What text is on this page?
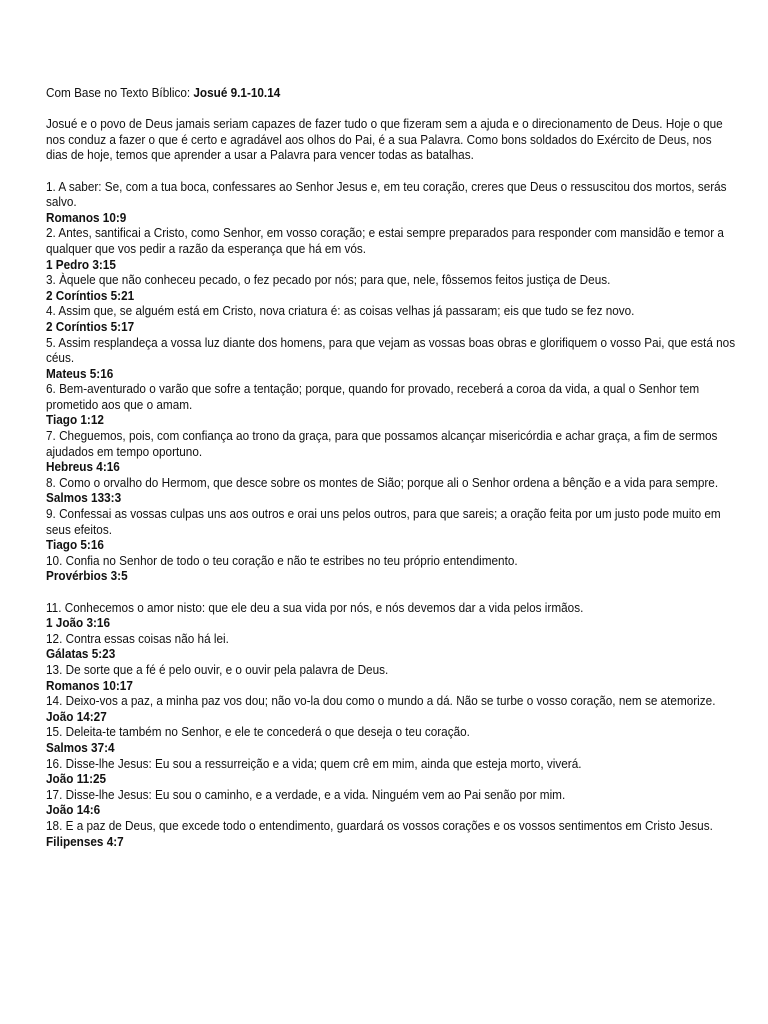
Com Base no Texto Bíblico: Josué 9.1-10.14

Josué e o povo de Deus jamais seriam capazes de fazer tudo o que fizeram sem a ajuda e o direcionamento de Deus. Hoje o que nos conduz a fazer o que é certo e agradável aos olhos do Pai, é a sua Palavra. Como bons soldados do Exército de Deus, nos dias de hoje, temos que aprender a usar a Palavra para vencer todas as batalhas.

1. A saber: Se, com a tua boca, confessares ao Senhor Jesus e, em teu coração, creres que Deus o ressuscitou dos mortos, serás salvo.

Romanos 10:9

2. Antes, santificai a Cristo, como Senhor, em vosso coração; e estai sempre preparados para responder com mansidão e temor a qualquer que vos pedir a razão da esperança que há em vós.

1 Pedro 3:15

3. Àquele que não conheceu pecado, o fez pecado por nós; para que, nele, fôssemos feitos justiça de Deus.

2 Coríntios 5:21

4. Assim que, se alguém está em Cristo, nova criatura é: as coisas velhas já passaram; eis que tudo se fez novo.

2 Coríntios 5:17

5. Assim resplandeça a vossa luz diante dos homens, para que vejam as vossas boas obras e glorifiquem o vosso Pai, que está nos céus.

Mateus 5:16

6. Bem-aventurado o varão que sofre a tentação; porque, quando for provado, receberá a coroa da vida, a qual o Senhor tem prometido aos que o amam.

Tiago 1:12

7. Cheguemos, pois, com confiança ao trono da graça, para que possamos alcançar misericórdia e achar graça, a fim de sermos ajudados em tempo oportuno.

Hebreus 4:16

8. Como o orvalho do Hermom, que desce sobre os montes de Sião; porque ali o Senhor ordena a bênção e a vida para sempre.

Salmos 133:3

9. Confessai as vossas culpas uns aos outros e orai uns pelos outros, para que sareis; a oração feita por um justo pode muito em seus efeitos.

Tiago 5:16

10. Confia no Senhor de todo o teu coração e não te estribes no teu próprio entendimento.

Provérbios 3:5

11. Conhecemos o amor nisto: que ele deu a sua vida por nós, e nós devemos dar a vida pelos irmãos.

1 João 3:16

12. Contra essas coisas não há lei.

Gálatas 5:23

13. De sorte que a fé é pelo ouvir, e o ouvir pela palavra de Deus.

Romanos 10:17

14. Deixo-vos a paz, a minha paz vos dou; não vo-la dou como o mundo a dá. Não se turbe o vosso coração, nem se atemorize.

João 14:27

15. Deleita-te também no Senhor, e ele te concederá o que deseja o teu coração.

Salmos 37:4

16. Disse-lhe Jesus: Eu sou a ressurreição e a vida; quem crê em mim, ainda que esteja morto, viverá.

João 11:25

17. Disse-lhe Jesus: Eu sou o caminho, e a verdade, e a vida. Ninguém vem ao Pai senão por mim.

João 14:6

18. E a paz de Deus, que excede todo o entendimento, guardará os vossos corações e os vossos sentimentos em Cristo Jesus.

Filipenses 4:7
